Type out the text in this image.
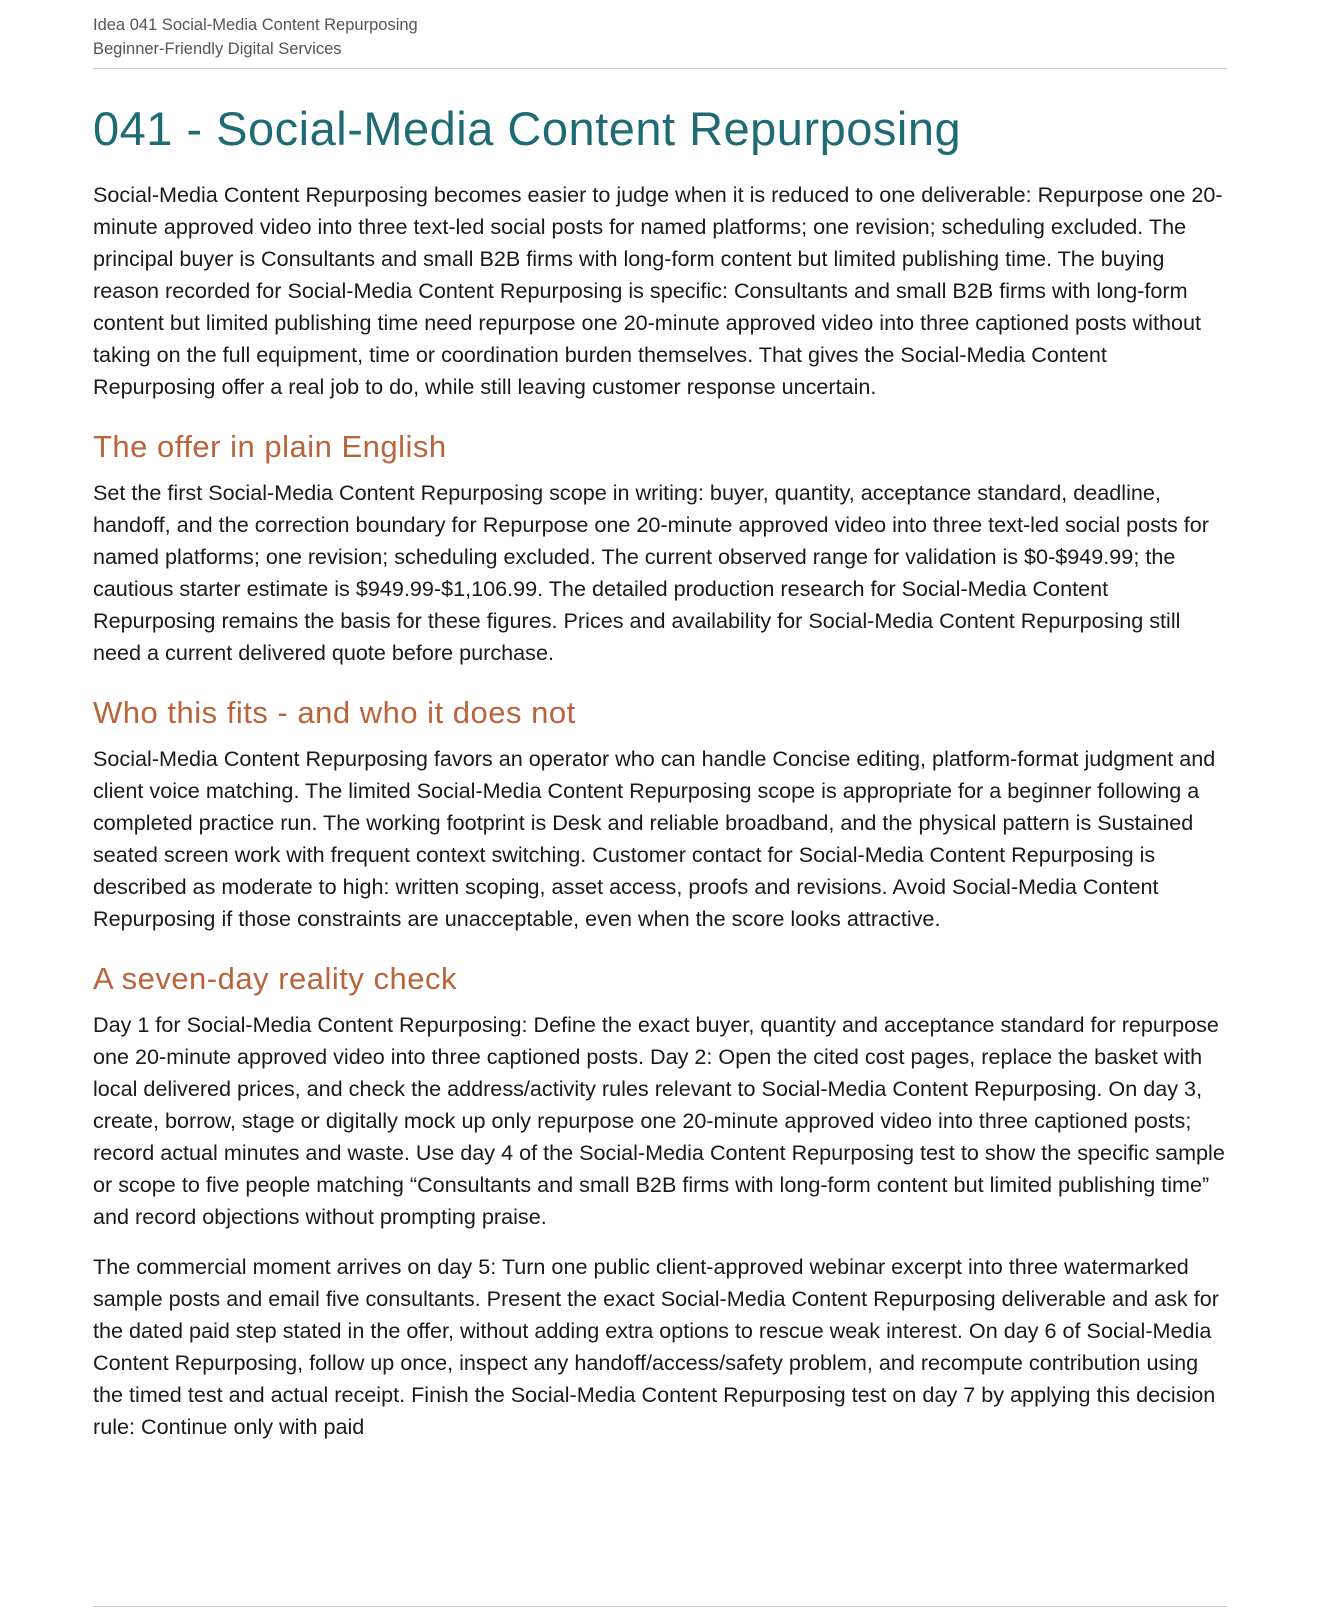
Idea 041 Social-Media Content Repurposing
Beginner-Friendly Digital Services
041 - Social-Media Content Repurposing

Social-Media Content Repurposing becomes easier to judge when it is reduced to one deliverable: Repurpose one 20-minute approved video into three text-led social posts for named platforms; one revision; scheduling excluded. The principal buyer is Consultants and small B2B firms with long-form content but limited publishing time. The buying reason recorded for Social-Media Content Repurposing is specific: Consultants and small B2B firms with long-form content but limited publishing time need repurpose one 20-minute approved video into three captioned posts without taking on the full equipment, time or coordination burden themselves. That gives the Social-Media Content Repurposing offer a real job to do, while still leaving customer response uncertain.

The offer in plain English

Set the first Social-Media Content Repurposing scope in writing: buyer, quantity, acceptance standard, deadline, handoff, and the correction boundary for Repurpose one 20-minute approved video into three text-led social posts for named platforms; one revision; scheduling excluded. The current observed range for validation is $0-$949.99; the cautious starter estimate is $949.99-$1,106.99. The detailed production research for Social-Media Content Repurposing remains the basis for these figures. Prices and availability for Social-Media Content Repurposing still need a current delivered quote before purchase.

Who this fits - and who it does not

Social-Media Content Repurposing favors an operator who can handle Concise editing, platform-format judgment and client voice matching. The limited Social-Media Content Repurposing scope is appropriate for a beginner following a completed practice run. The working footprint is Desk and reliable broadband, and the physical pattern is Sustained seated screen work with frequent context switching. Customer contact for Social-Media Content Repurposing is described as moderate to high: written scoping, asset access, proofs and revisions. Avoid Social-Media Content Repurposing if those constraints are unacceptable, even when the score looks attractive.

A seven-day reality check

Day 1 for Social-Media Content Repurposing: Define the exact buyer, quantity and acceptance standard for repurpose one 20-minute approved video into three captioned posts. Day 2: Open the cited cost pages, replace the basket with local delivered prices, and check the address/activity rules relevant to Social-Media Content Repurposing. On day 3, create, borrow, stage or digitally mock up only repurpose one 20-minute approved video into three captioned posts; record actual minutes and waste. Use day 4 of the Social-Media Content Repurposing test to show the specific sample or scope to five people matching “Consultants and small B2B firms with long-form content but limited publishing time” and record objections without prompting praise.

The commercial moment arrives on day 5: Turn one public client-approved webinar excerpt into three watermarked sample posts and email five consultants. Present the exact Social-Media Content Repurposing deliverable and ask for the dated paid step stated in the offer, without adding extra options to rescue weak interest. On day 6 of Social-Media Content Repurposing, follow up once, inspect any handoff/access/safety problem, and recompute contribution using the timed test and actual receipt. Finish the Social-Media Content Repurposing test on day 7 by applying this decision rule: Continue only with paid
